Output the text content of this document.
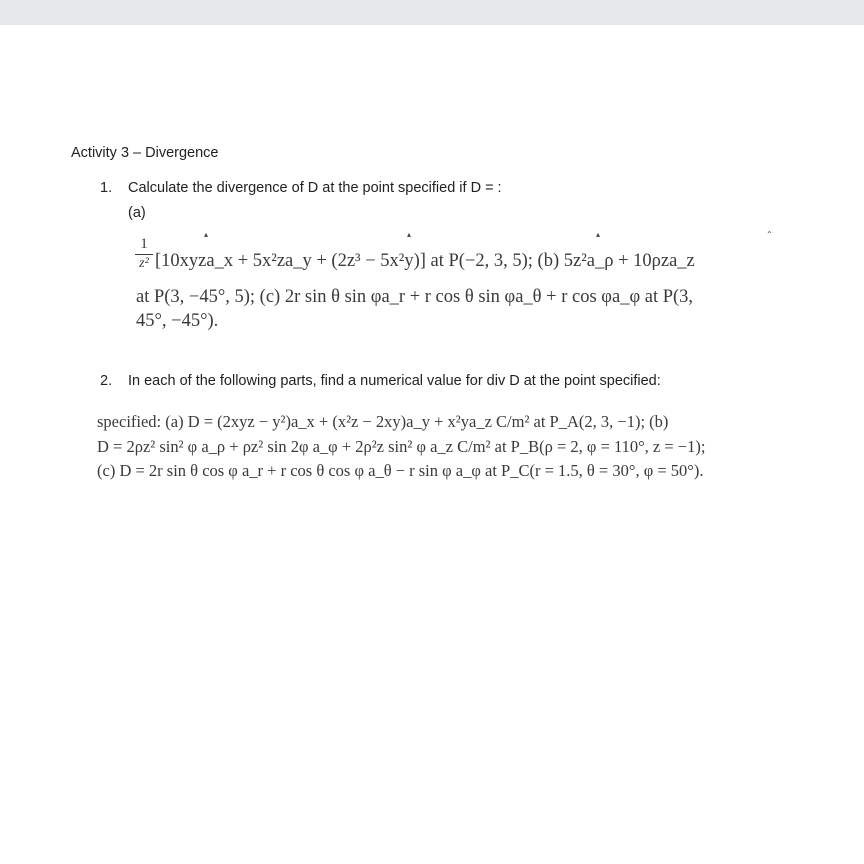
Activity 3 – Divergence
1. Calculate the divergence of D at the point specified if D = :
(a)
▴	▴	▴	⌃
1
z² [10xyza_x + 5x²za_y + (2z³ − 5x²y)] at P(−2, 3, 5); (b) 5z²a_ρ + 10ρza_z
at P(3, −45°, 5); (c) 2r sin θ sin φa_r + r cos θ sin φa_θ + r cos φa_φ at P(3,
45°, −45°).
2. In each of the following parts, find a numerical value for div D at the point specified:
specified: (a) D = (2xyz − y²)a_x + (x²z − 2xy)a_y + x²ya_z C/m² at P_A(2, 3, −1); (b)
D = 2ρz² sin² φ a_ρ + ρz² sin 2φ a_φ + 2ρ²z sin² φ a_z C/m² at P_B(ρ = 2, φ = 110°, z = −1);
(c) D = 2r sin θ cos φ a_r + r cos θ cos φ a_θ − r sin φ a_φ at P_C(r = 1.5, θ = 30°, φ = 50°).
